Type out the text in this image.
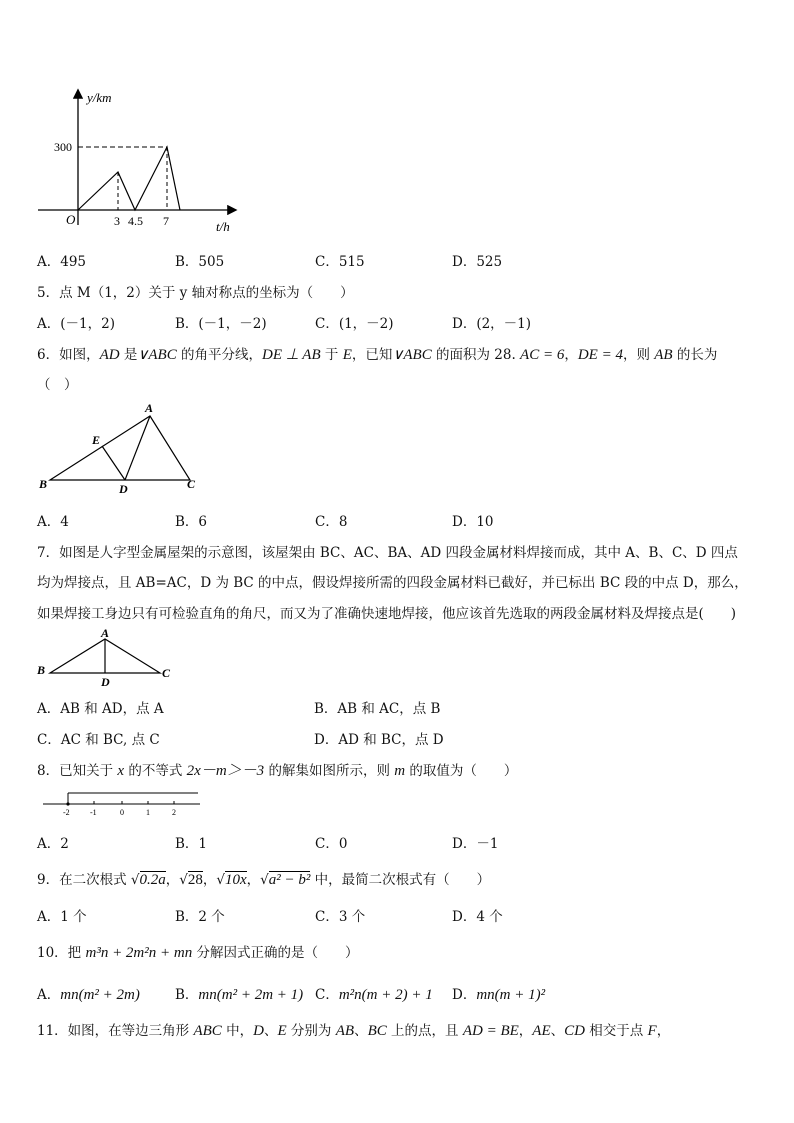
y/km
300
O	3 4.5 7	t/h
A．495	B．505	C．515	D．525
5．点 M（1，2）关于 y 轴对称点的坐标为（　　）
A．(－1，2)	B．(－1，－2)	C．(1，－2)	D．(2，－1)
6．如图，AD 是∨ABC 的角平分线，DE ⊥ AB 于 E，已知∨ABC 的面积为 28. AC = 6，DE = 4，则 AB 的长为
（　）
A
E
B	D	C
A．4	B．6	C．8	D．10
7．如图是人字型金属屋架的示意图，该屋架由 BC、AC、BA、AD 四段金属材料焊接而成，其中 A、B、C、D 四点
均为焊接点，且 AB=AC，D 为 BC 的中点，假设焊接所需的四段金属材料已截好，并已标出 BC 段的中点 D，那么，
如果焊接工身边只有可检验直角的角尺，而又为了准确快速地焊接，他应该首先选取的两段金属材料及焊接点是(　　)
A
B
D
C
A．AB 和 AD，点 A	B．AB 和 AC，点 B
C．AC 和 BC, 点 C	D．AD 和 BC，点 D
8．已知关于 x 的不等式 2x－m＞－3 的解集如图所示，则 m 的取值为（　　）
-2	-1	0	1	2
A．2	B．1	C．0	D．－1
9．在二次根式 √0.2a，√28，√10x，√a² − b² 中，最简二次根式有（　　）
A．1 个	B．2 个	C．3 个	D．4 个
10．把 m³n + 2m²n + mn 分解因式正确的是（　　）
A．mn(m² + 2m)	B．mn(m² + 2m + 1) C．m²n(m + 2) + 1 D．mn(m + 1)²
11．如图，在等边三角形 ABC 中，D、E 分别为 AB、BC 上的点，且 AD = BE，AE、CD 相交于点 F，
